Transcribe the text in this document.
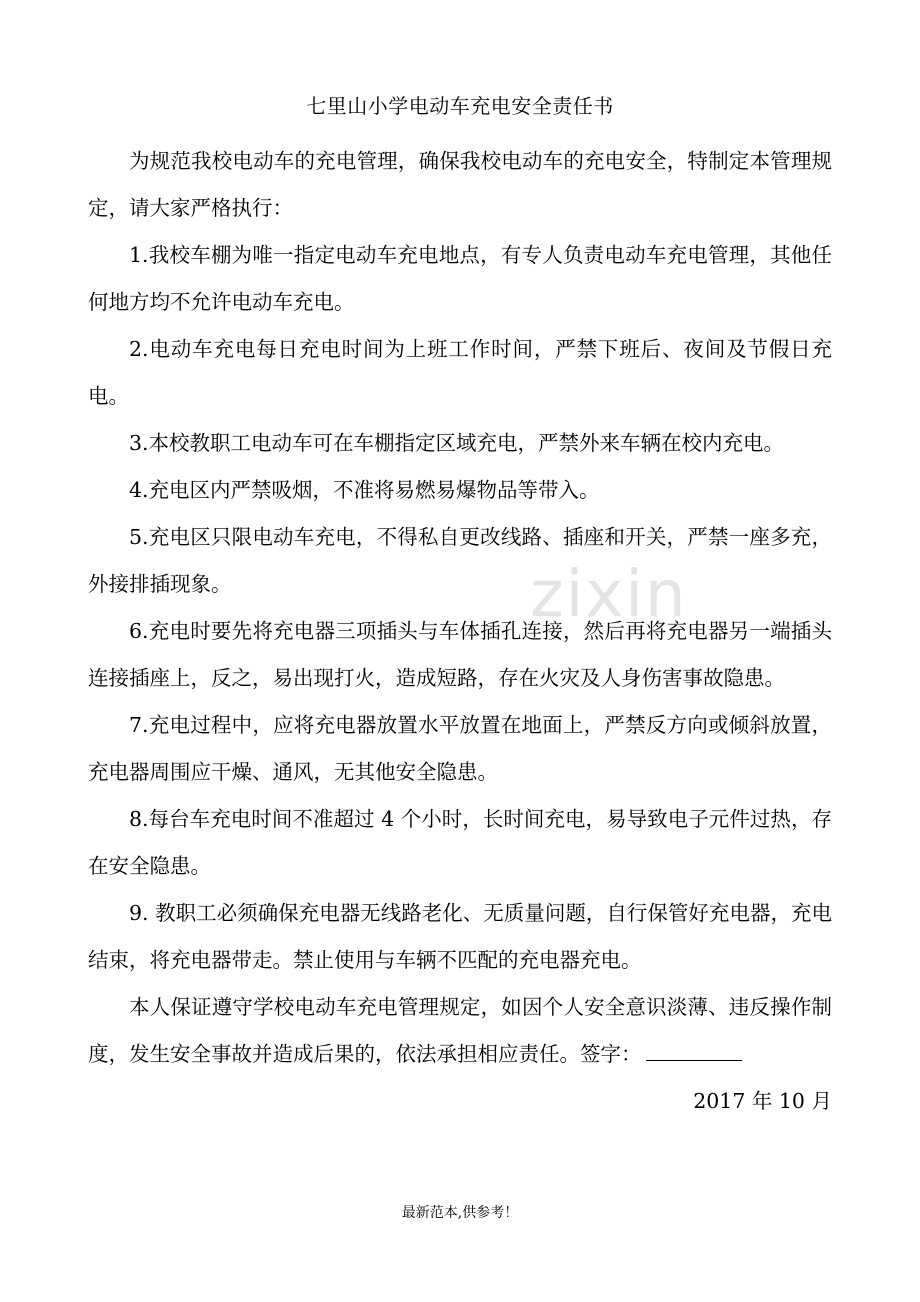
zixin

七里山小学电动车充电安全责任书

为规范我校电动车的充电管理，确保我校电动车的充电安全，特制定本管理规定，请大家严格执行：

1.我校车棚为唯一指定电动车充电地点，有专人负责电动车充电管理，其他任何地方均不允许电动车充电。

2.电动车充电每日充电时间为上班工作时间，严禁下班后、夜间及节假日充电。

3.本校教职工电动车可在车棚指定区域充电，严禁外来车辆在校内充电。

4.充电区内严禁吸烟，不准将易燃易爆物品等带入。

5.充电区只限电动车充电，不得私自更改线路、插座和开关，严禁一座多充，外接排插现象。

6.充电时要先将充电器三项插头与车体插孔连接，然后再将充电器另一端插头连接插座上，反之，易出现打火，造成短路，存在火灾及人身伤害事故隐患。

7.充电过程中，应将充电器放置水平放置在地面上，严禁反方向或倾斜放置，充电器周围应干燥、通风，无其他安全隐患。

8.每台车充电时间不准超过 4 个小时，长时间充电，易导致电子元件过热，存在安全隐患。

9. 教职工必须确保充电器无线路老化、无质量问题，自行保管好充电器，充电结束，将充电器带走。禁止使用与车辆不匹配的充电器充电。

本人保证遵守学校电动车充电管理规定，如因个人安全意识淡薄、违反操作制度，发生安全事故并造成后果的，依法承担相应责任。签字：

2017 年 10 月

最新范本,供参考！
